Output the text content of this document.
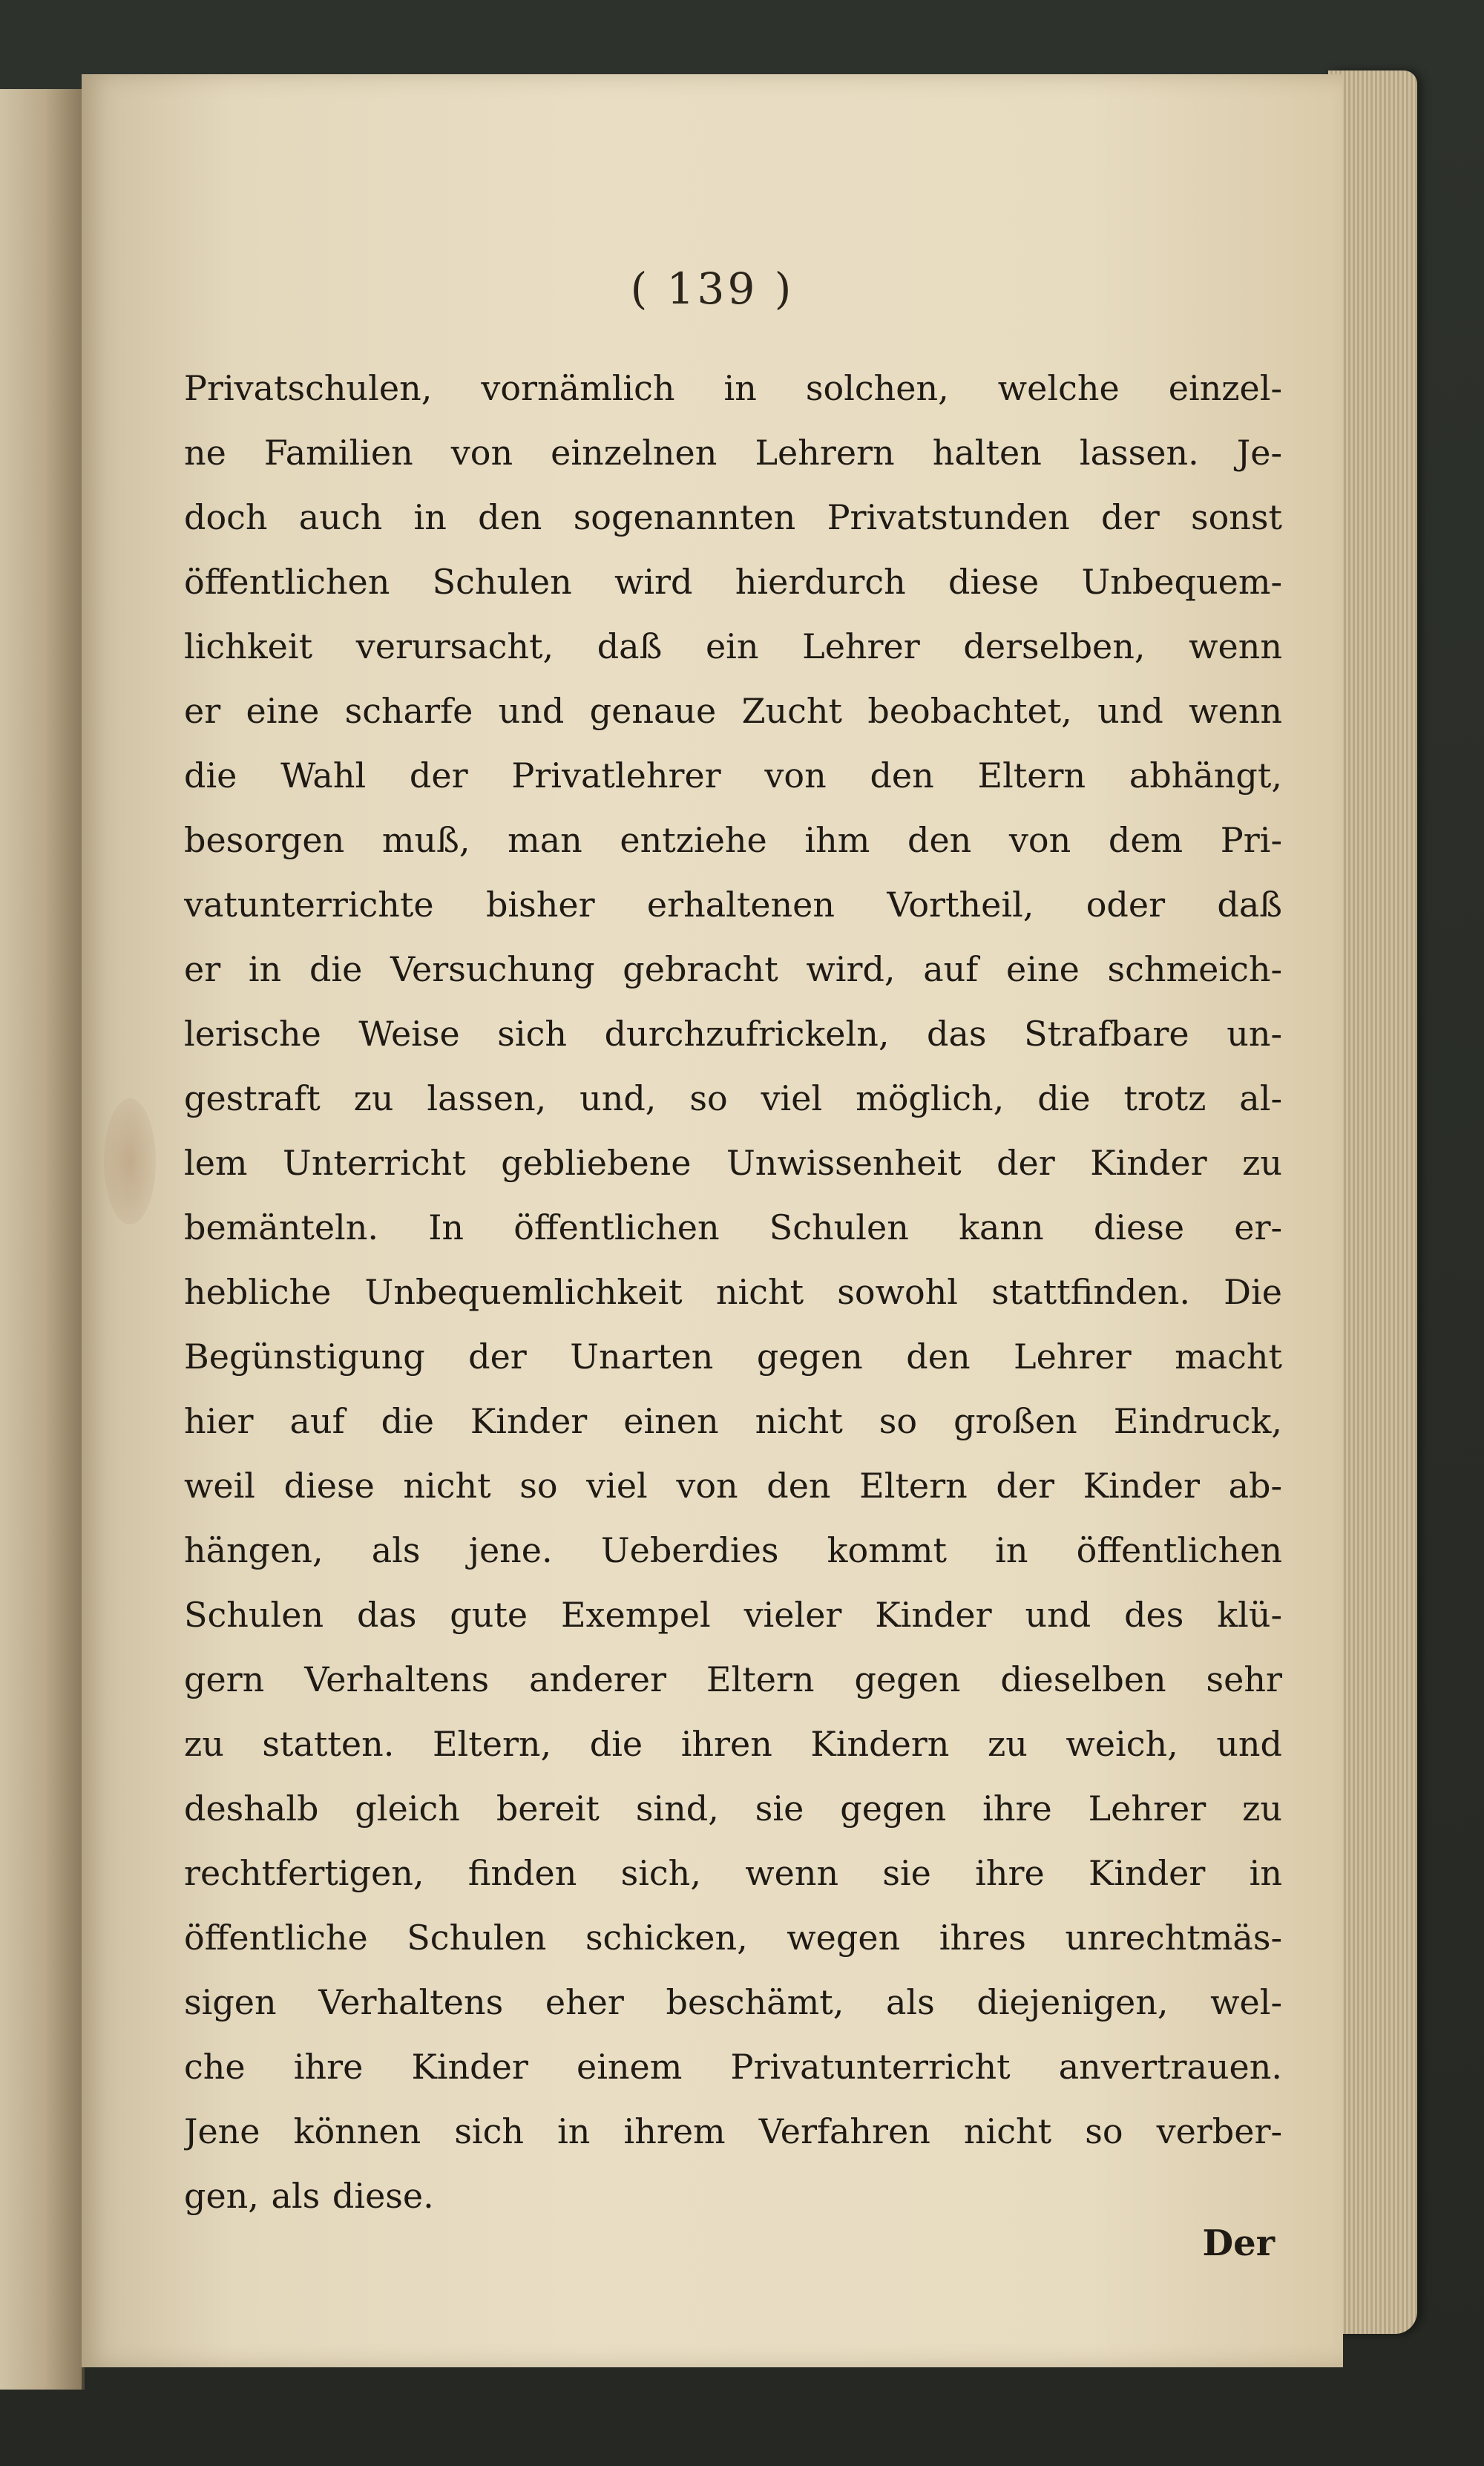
( 139 )
Privatschulen, vornämlich in solchen, welche einzel-
ne Familien von einzelnen Lehrern halten lassen. Je-
doch auch in den sogenannten Privatstunden der sonst
öffentlichen Schulen wird hierdurch diese Unbequem-
lichkeit verursacht, daß ein Lehrer derselben, wenn
er eine scharfe und genaue Zucht beobachtet, und wenn
die Wahl der Privatlehrer von den Eltern abhängt,
besorgen muß, man entziehe ihm den von dem Pri-
vatunterrichte bisher erhaltenen Vortheil, oder daß
er in die Versuchung gebracht wird, auf eine schmeich-
lerische Weise sich durchzufrickeln, das Strafbare un-
gestraft zu lassen, und, so viel möglich, die trotz al-
lem Unterricht gebliebene Unwissenheit der Kinder zu
bemänteln. In öffentlichen Schulen kann diese er-
hebliche Unbequemlichkeit nicht sowohl stattfinden. Die
Begünstigung der Unarten gegen den Lehrer macht
hier auf die Kinder einen nicht so großen Eindruck,
weil diese nicht so viel von den Eltern der Kinder ab-
hängen, als jene. Ueberdies kommt in öffentlichen
Schulen das gute Exempel vieler Kinder und des klü-
gern Verhaltens anderer Eltern gegen dieselben sehr
zu statten. Eltern, die ihren Kindern zu weich, und
deshalb gleich bereit sind, sie gegen ihre Lehrer zu
rechtfertigen, finden sich, wenn sie ihre Kinder in
öffentliche Schulen schicken, wegen ihres unrechtmäs-
sigen Verhaltens eher beschämt, als diejenigen, wel-
che ihre Kinder einem Privatunterricht anvertrauen.
Jene können sich in ihrem Verfahren nicht so verber-
gen, als diese.
Der
